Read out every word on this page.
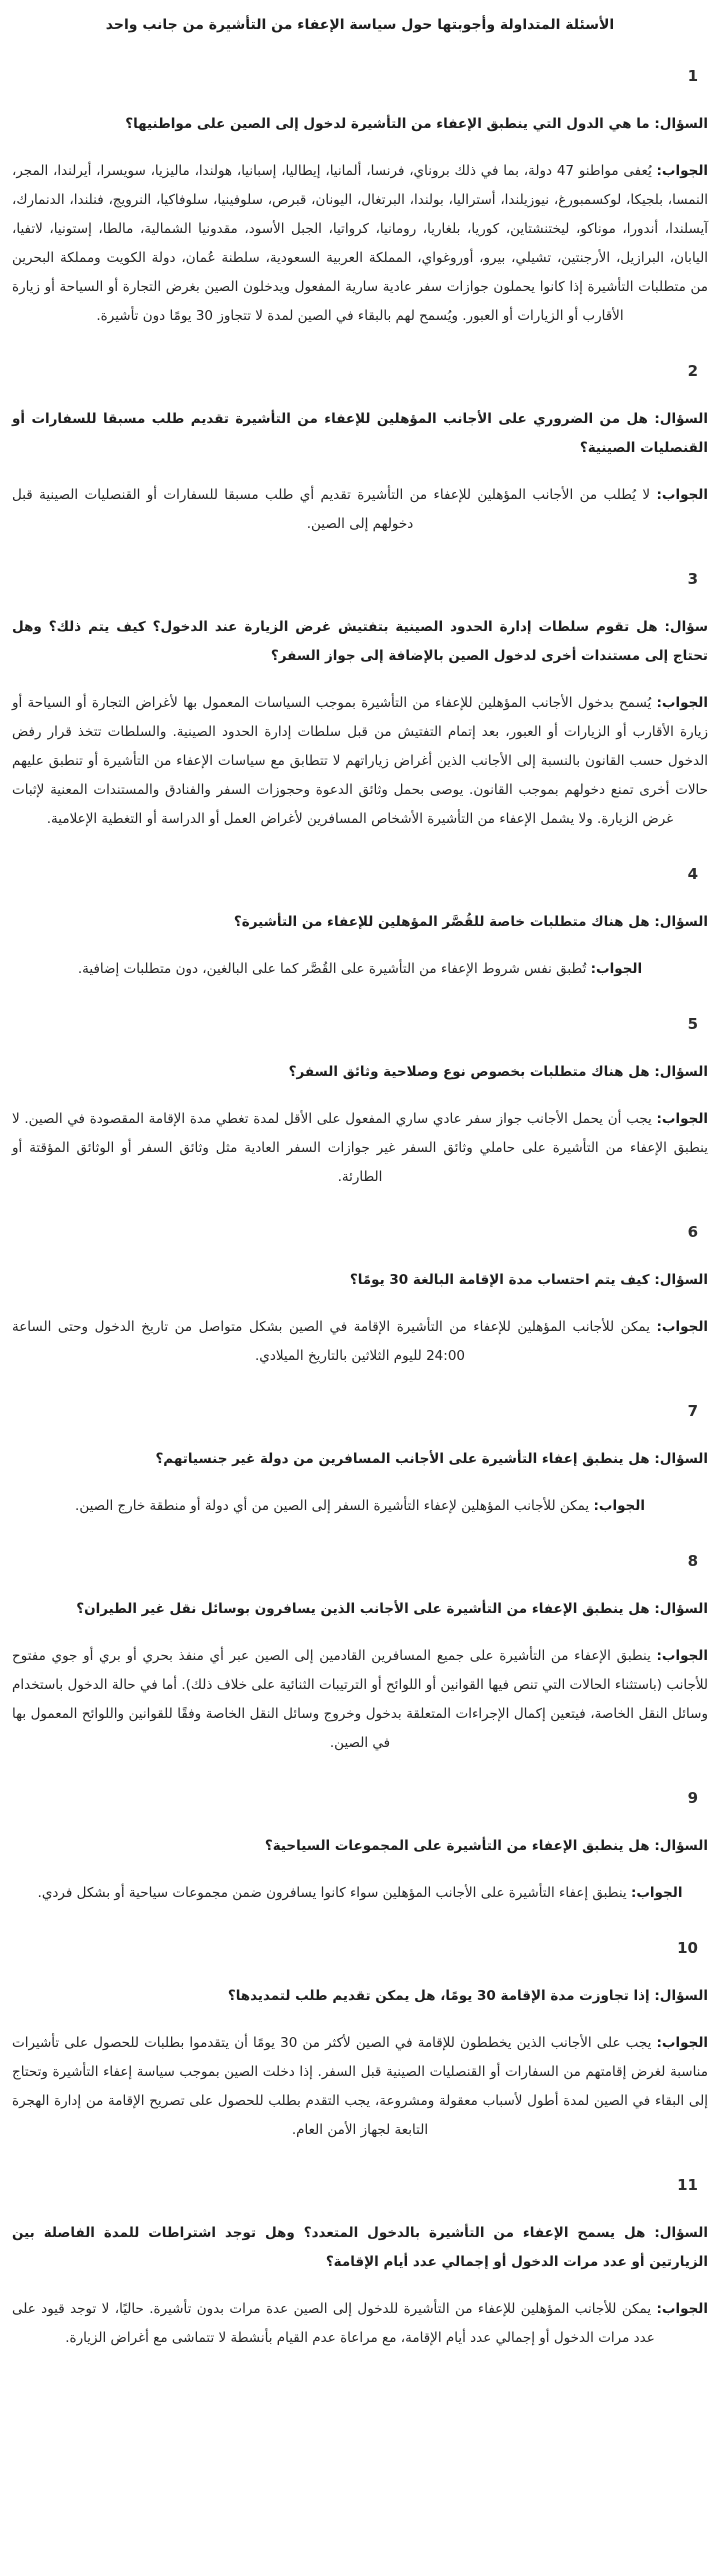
الأسئلة المتداولة وأجوبتها حول سياسة الإعفاء من التأشيرة من جانب واحد
1

السؤال: ما هي الدول التي ينطبق الإعفاء من التأشيرة لدخول إلى الصين على مواطنيها؟

الجواب: يُعفى مواطنو 47 دولة، بما في ذلك بروناي، فرنسا، ألمانيا، إيطاليا، إسبانيا، هولندا، ماليزيا، سويسرا، أيرلندا، المجر، النمسا، بلجيكا، لوكسمبورغ، نيوزيلندا، أستراليا، بولندا، البرتغال، اليونان، قبرص، سلوفينيا، سلوفاكيا، النرويج، فنلندا، الدنمارك، آيسلندا، أندورا، موناكو، ليختنشتاين، كوريا، بلغاريا، رومانيا، كرواتيا، الجبل الأسود، مقدونيا الشمالية، مالطا، إستونيا، لاتفيا، اليابان، البرازيل، الأرجنتين، تشيلي، بيرو، أوروغواي، المملكة العربية السعودية، سلطنة عُمان، دولة الكويت ومملكة البحرين من متطلبات التأشيرة إذا كانوا يحملون جوازات سفر عادية سارية المفعول ويدخلون الصين بغرض التجارة أو السياحة أو زيارة الأقارب أو الزيارات أو العبور. ويُسمح لهم بالبقاء في الصين لمدة لا تتجاوز 30 يومًا دون تأشيرة.

2

السؤال: هل من الضروري على الأجانب المؤهلين للإعفاء من التأشيرة تقديم طلب مسبقا للسفارات أو القنصليات الصينية؟

الجواب: لا يُطلب من الأجانب المؤهلين للإعفاء من التأشيرة تقديم أي طلب مسبقا للسفارات أو القنصليات الصينية قبل دخولهم إلى الصين.

3

سؤال: هل تقوم سلطات إدارة الحدود الصينية بتفتيش غرض الزيارة عند الدخول؟ كيف يتم ذلك؟ وهل تحتاج إلى مستندات أخرى لدخول الصين بالإضافة إلى جواز السفر؟

الجواب: يُسمح بدخول الأجانب المؤهلين للإعفاء من التأشيرة بموجب السياسات المعمول بها لأغراض التجارة أو السياحة أو زيارة الأقارب أو الزيارات أو العبور، بعد إتمام التفتيش من قبل سلطات إدارة الحدود الصينية. والسلطات تتخذ قرار رفض الدخول حسب القانون بالنسبة إلى الأجانب الذين أغراض زياراتهم لا تتطابق مع سياسات الإعفاء من التأشيرة أو تنطبق عليهم حالات أخرى تمنع دخولهم بموجب القانون. يوصى بحمل وثائق الدعوة وحجوزات السفر والفنادق والمستندات المعنية لإثبات غرض الزيارة. ولا يشمل الإعفاء من التأشيرة الأشخاص المسافرين لأغراض العمل أو الدراسة أو التغطية الإعلامية.

4

السؤال: هل هناك متطلبات خاصة للقُصَّر المؤهلين للإعفاء من التأشيرة؟

الجواب: تُطبق نفس شروط الإعفاء من التأشيرة على القُصَّر كما على البالغين، دون متطلبات إضافية.

5

السؤال: هل هناك متطلبات بخصوص نوع وصلاحية وثائق السفر؟

الجواب: يجب أن يحمل الأجانب جواز سفر عادي ساري المفعول على الأقل لمدة تغطي مدة الإقامة المقصودة في الصين. لا ينطبق الإعفاء من التأشيرة على حاملي وثائق السفر غير جوازات السفر العادية مثل وثائق السفر أو الوثائق المؤقتة أو الطارئة.

6

السؤال: كيف يتم احتساب مدة الإقامة البالغة 30 يومًا؟

الجواب: يمكن للأجانب المؤهلين للإعفاء من التأشيرة الإقامة في الصين بشكل متواصل من تاريخ الدخول وحتى الساعة 24:00 لليوم الثلاثين بالتاريخ الميلادي.

7

السؤال: هل ينطبق إعفاء التأشيرة على الأجانب المسافرين من دولة غير جنسياتهم؟

الجواب: يمكن للأجانب المؤهلين لإعفاء التأشيرة السفر إلى الصين من أي دولة أو منطقة خارج الصين.

8

السؤال: هل ينطبق الإعفاء من التأشيرة على الأجانب الذين يسافرون بوسائل نقل غير الطيران؟

الجواب: ينطبق الإعفاء من التأشيرة على جميع المسافرين القادمين إلى الصين عبر أي منفذ بحري أو بري أو جوي مفتوح للأجانب (باستثناء الحالات التي تنص فيها القوانين أو اللوائح أو الترتيبات الثنائية على خلاف ذلك). أما في حالة الدخول باستخدام وسائل النقل الخاصة، فيتعين إكمال الإجراءات المتعلقة بدخول وخروج وسائل النقل الخاصة وفقًا للقوانين واللوائح المعمول بها في الصين.

9

السؤال: هل ينطبق الإعفاء من التأشيرة على المجموعات السياحية؟

الجواب: ينطبق إعفاء التأشيرة على الأجانب المؤهلين سواء كانوا يسافرون ضمن مجموعات سياحية أو بشكل فردي.

10

السؤال: إذا تجاوزت مدة الإقامة 30 يومًا، هل يمكن تقديم طلب لتمديدها؟

الجواب: يجب على الأجانب الذين يخططون للإقامة في الصين لأكثر من 30 يومًا أن يتقدموا بطلبات للحصول على تأشيرات مناسبة لغرض إقامتهم من السفارات أو القنصليات الصينية قبل السفر. إذا دخلت الصين بموجب سياسة إعفاء التأشيرة وتحتاج إلى البقاء في الصين لمدة أطول لأسباب معقولة ومشروعة، يجب التقدم بطلب للحصول على تصريح الإقامة من إدارة الهجرة التابعة لجهاز الأمن العام.

11

السؤال: هل يسمح الإعفاء من التأشيرة بالدخول المتعدد؟ وهل توجد اشتراطات للمدة الفاصلة بين الزيارتين أو عدد مرات الدخول أو إجمالي عدد أيام الإقامة؟

الجواب: يمكن للأجانب المؤهلين للإعفاء من التأشيرة للدخول إلى الصين عدة مرات بدون تأشيرة. حاليًا، لا توجد قيود على عدد مرات الدخول أو إجمالي عدد أيام الإقامة، مع مراعاة عدم القيام بأنشطة لا تتماشى مع أغراض الزيارة.
